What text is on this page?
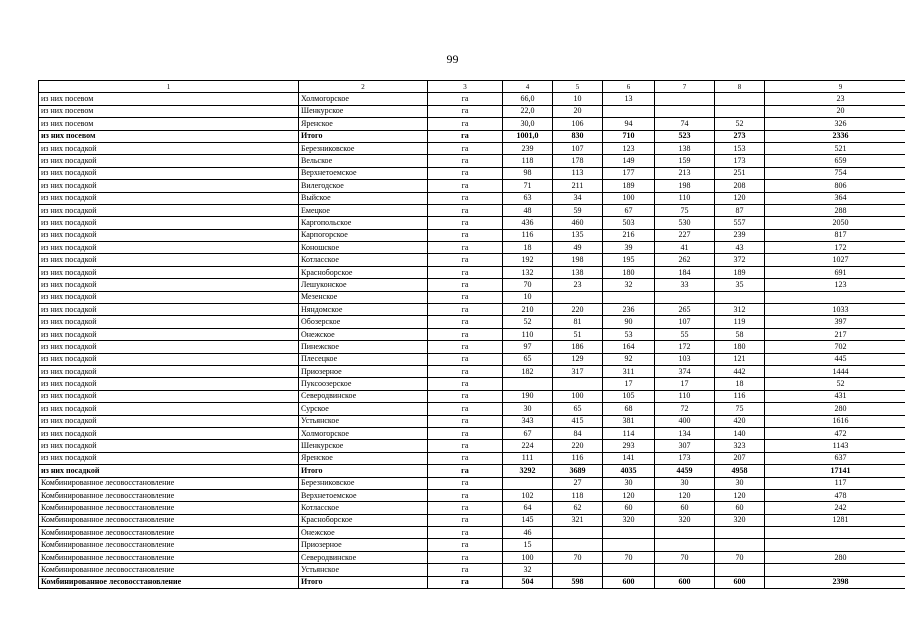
99
1	2	3	4	5	6	7	8	9
из них посевом	Холмогорское	га	66,0	10	13			23
из них посевом	Шенкурское	га	22,0	20				20
из них посевом	Яренское	га	30,0	106	94	74	52	326
из них посевом	Итого	га	1001,0	830	710	523	273	2336
из них посадкой	Березниковское	га	239	107	123	138	153	521
из них посадкой	Вельское	га	118	178	149	159	173	659
из них посадкой	Верхнетоемское	га	98	113	177	213	251	754
из них посадкой	Вилегодское	га	71	211	189	198	208	806
из них посадкой	Выйское	га	63	34	100	110	120	364
из них посадкой	Емецкое	га	48	59	67	75	87	288
из них посадкой	Каргопольское	га	436	460	503	530	557	2050
из них посадкой	Карпогорское	га	116	135	216	227	239	817
из них посадкой	Коношское	га	18	49	39	41	43	172
из них посадкой	Котласское	га	192	198	195	262	372	1027
из них посадкой	Красноборское	га	132	138	180	184	189	691
из них посадкой	Лешуконское	га	70	23	32	33	35	123
из них посадкой	Мезенское	га	10					
из них посадкой	Няндомское	га	210	220	236	265	312	1033
из них посадкой	Обозерское	га	52	81	90	107	119	397
из них посадкой	Онежское	га	110	51	53	55	58	217
из них посадкой	Пинежское	га	97	186	164	172	180	702
из них посадкой	Плесецкое	га	65	129	92	103	121	445
из них посадкой	Приозерное	га	182	317	311	374	442	1444
из них посадкой	Пуксоозерское	га			17	17	18	52
из них посадкой	Северодвинское	га	190	100	105	110	116	431
из них посадкой	Сурское	га	30	65	68	72	75	280
из них посадкой	Устьянское	га	343	415	381	400	420	1616
из них посадкой	Холмогорское	га	67	84	114	134	140	472
из них посадкой	Шенкурское	га	224	220	293	307	323	1143
из них посадкой	Яренское	га	111	116	141	173	207	637
из них посадкой	Итого	га	3292	3689	4035	4459	4958	17141
Комбинированное лесовосстановление	Березниковское	га		27	30	30	30	117
Комбинированное лесовосстановление	Верхнетоемское	га	102	118	120	120	120	478
Комбинированное лесовосстановление	Котласское	га	64	62	60	60	60	242
Комбинированное лесовосстановление	Красноборское	га	145	321	320	320	320	1281
Комбинированное лесовосстановление	Онежское	га	46					
Комбинированное лесовосстановление	Приозерное	га	15					
Комбинированное лесовосстановление	Северодвинское	га	100	70	70	70	70	280
Комбинированное лесовосстановление	Устьянское	га	32					
Комбинированное лесовосстановление	Итого	га	504	598	600	600	600	2398
